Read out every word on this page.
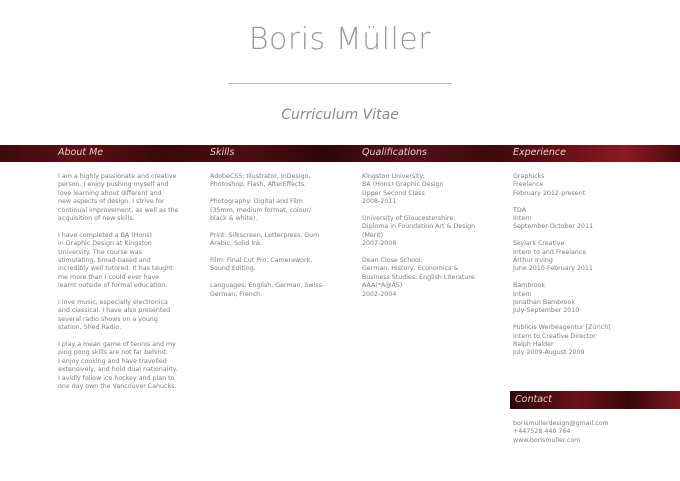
Boris Müller
Curriculum Vitae
About Me	Skills	Qualifications	Experience

I am a highly passionate and creative
person. I enjoy pushing myself and
love learning about different and
new aspects of design. I strive for
continual improvement, as well as the
acquisition of new skills.

I have completed a BA (Hons)
in Graphic Design at Kingston
University. The course was
stimulating, broad-based and
incredibly well tutored. It has taught
me more than I could ever have
learnt outside of formal education.

I love music, especially electronica
and classical. I have also presented
several radio shows on a young
station, Shed Radio.

I play a mean game of tennis and my
ping pong skills are not far behind.
I enjoy cooking and have travelled
extensively, and hold dual nationality.
I avidly follow ice hockey and plan to
one day own the Vancouver Canucks.

AdobeCS5: Illustrator, InDesign,
Photoshop, Flash, AfterEffects.

Photography: Digital and Film
(35mm, medium format, colour/
black & white).

Print: Silkscreen, Letterpress, Gum
Arabic, Solid Ink.

Film: Final Cut Pro, Camerawork,
Sound Editing.

Languages: English, German, Swiss-
German, French.

Kingston University:
BA (Hons) Graphic Design
Upper Second Class
2008-2011

University of Gloucestershire:
Diploma in Foundation Art & Design
(Merit)
2007-2008

Dean Close School:
German, History, Economics &
Business Studies, English Literature
AAA(*A@AS)
2002-2004

Graphicks
Freelance
February 2012-present

TDA
Intern
September-October 2011

Skylark Creative
Intern to and Freelance
Arthur Irving
June 2010-February 2011

Bambrook
Intern
Jonathan Bambrook
July-September 2010

Publicis Werbeagentur [Zürich]
Intern to Creative Director
Ralph Halder
July 2009-August 2009

Contact
borismullerdesign@gmail.com
+447528 440 764
www.borismuller.com
